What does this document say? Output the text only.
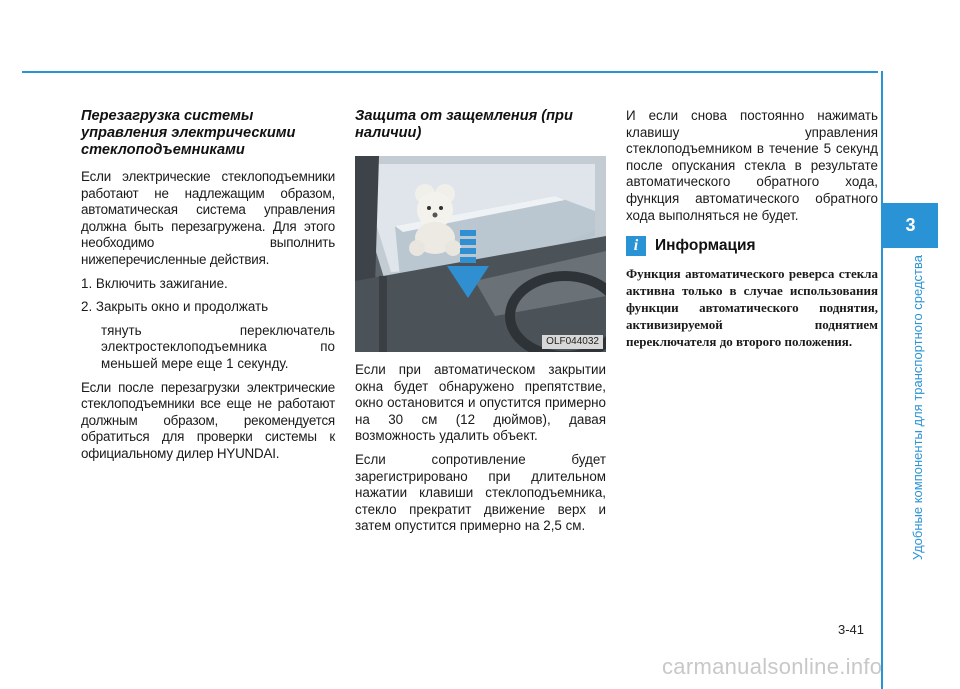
Перезагрузка системы управления электрическими стеклоподъемниками

Если электрические стеклоподъемники работают не надлежащим образом, автоматическая система управления должна быть перезагружена. Для этого необходимо выполнить нижеперечисленные действия.

1. Включить зажигание.

2. Закрыть окно и продолжать

тянуть переключатель электростеклоподъемника по меньшей мере еще 1 секунду.

Если после перезагрузки электрические стеклоподъемники все еще не работают должным образом, рекомендуется обратиться для проверки системы к официальному дилер HYUNDAI.

Защита от защемления (при наличии)
OLF044032

Если при автоматическом закрытии окна будет обнаружено препятствие, окно остановится и опустится примерно на 30 см (12 дюймов), давая возможность удалить объект.

Если сопротивление будет зарегистрировано при длительном нажатии клавиши стеклоподъемника, стекло прекратит движение верх и затем опустится примерно на 2,5 см.

И если снова постоянно нажимать клавишу управления стеклоподъемником в течение 5 секунд после опускания стекла в результате автоматического обратного хода, функция автоматического обратного хода выполняться не будет.

i	Информация

Функция автоматического реверса стекла активна только в случае использования функции автоматического поднятия, активизируемой поднятием переключателя до второго положения.

3
Удобные компоненты для транспортного средства
3-41
carmanualsonline.info
